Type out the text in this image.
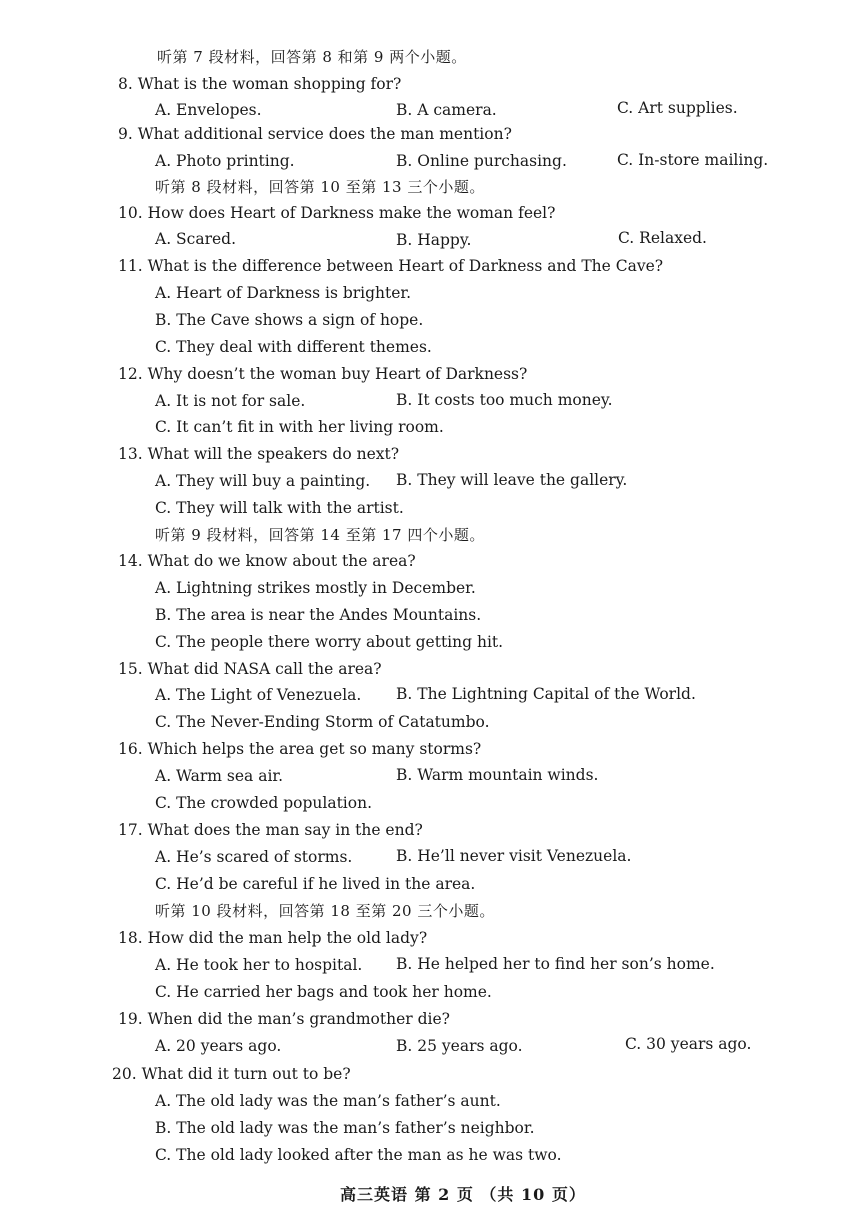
听第 7 段材料，回答第 8 和第 9 两个小题。
8. What is the woman shopping for?
A. Envelopes.	B. A camera.	C. Art supplies.
9. What additional service does the man mention?
A. Photo printing.	B. Online purchasing.	C. In-store mailing.
听第 8 段材料，回答第 10 至第 13 三个小题。
10. How does Heart of Darkness make the woman feel?
A. Scared.	B. Happy.	C. Relaxed.
11. What is the difference between Heart of Darkness and The Cave?
A. Heart of Darkness is brighter.
B. The Cave shows a sign of hope.
C. They deal with different themes.
12. Why doesn’t the woman buy Heart of Darkness?
A. It is not for sale.	B. It costs too much money.
C. It can’t fit in with her living room.
13. What will the speakers do next?
A. They will buy a painting. B. They will leave the gallery.
C. They will talk with the artist.
听第 9 段材料，回答第 14 至第 17 四个小题。
14. What do we know about the area?
A. Lightning strikes mostly in December.
B. The area is near the Andes Mountains.
C. The people there worry about getting hit.
15. What did NASA call the area?
A. The Light of Venezuela. B. The Lightning Capital of the World.
C. The Never-Ending Storm of Catatumbo.
16. Which helps the area get so many storms?
A. Warm sea air.	B. Warm mountain winds.
C. The crowded population.
17. What does the man say in the end?
A. He’s scared of storms.	B. He’ll never visit Venezuela.
C. He’d be careful if he lived in the area.
听第 10 段材料，回答第 18 至第 20 三个小题。
18. How did the man help the old lady?
A. He took her to hospital. B. He helped her to find her son’s home.
C. He carried her bags and took her home.
19. When did the man’s grandmother die?
A. 20 years ago.	B. 25 years ago.	C. 30 years ago.
20. What did it turn out to be?
A. The old lady was the man’s father’s aunt.
B. The old lady was the man’s father’s neighbor.
C. The old lady looked after the man as he was two.
高三英语 第 2 页 （共 10 页）
